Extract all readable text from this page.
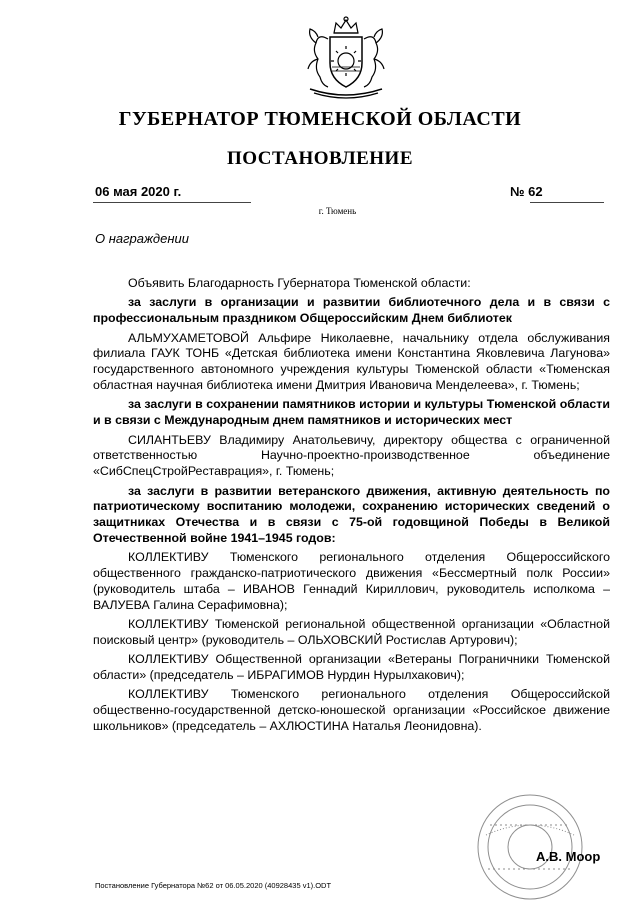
ГУБЕРНАТОР ТЮМЕНСКОЙ ОБЛАСТИ
ПОСТАНОВЛЕНИЕ
06 мая 2020 г.	№ 62
г. Тюмень
О награждении

Объявить Благодарность Губернатора Тюменской области:

за заслуги в организации и развитии библиотечного дела и в связи с профессиональным праздником Общероссийским Днем библиотек

АЛЬМУХАМЕТОВОЙ Альфире Николаевне, начальнику отдела обслуживания филиала ГАУК ТОНБ «Детская библиотека имени Константина Яковлевича Лагунова» государственного автономного учреждения культуры Тюменской области «Тюменская областная научная библиотека имени Дмитрия Ивановича Менделеева», г. Тюмень;

за заслуги в сохранении памятников истории и культуры Тюменской области и в связи с Международным днем памятников и исторических мест

СИЛАНТЬЕВУ Владимиру Анатольевичу, директору общества с ограниченной ответственностью Научно-проектно-производственное объединение «СибСпецСтройРеставрация», г. Тюмень;

за заслуги в развитии ветеранского движения, активную деятельность по патриотическому воспитанию молодежи, сохранению исторических сведений о защитниках Отечества и в связи с 75-ой годовщиной Победы в Великой Отечественной войне 1941–1945 годов:

КОЛЛЕКТИВУ Тюменского регионального отделения Общероссийского общественного гражданско-патриотического движения «Бессмертный полк России» (руководитель штаба – ИВАНОВ Геннадий Кириллович, руководитель исполкома – ВАЛУЕВА Галина Серафимовна);

КОЛЛЕКТИВУ Тюменской региональной общественной организации «Областной поисковый центр» (руководитель – ОЛЬХОВСКИЙ Ростислав Артурович);

КОЛЛЕКТИВУ Общественной организации «Ветераны Пограничники Тюменской области» (председатель – ИБРАГИМОВ Нурдин Нурылхакович);

КОЛЛЕКТИВУ Тюменского регионального отделения Общероссийской общественно-государственной детско-юношеской организации «Российское движение школьников» (председатель – АХЛЮСТИНА Наталья Леонидовна).

А.В. Моор
Постановление Губернатора №62 от 06.05.2020 (40928435 v1).ODT
